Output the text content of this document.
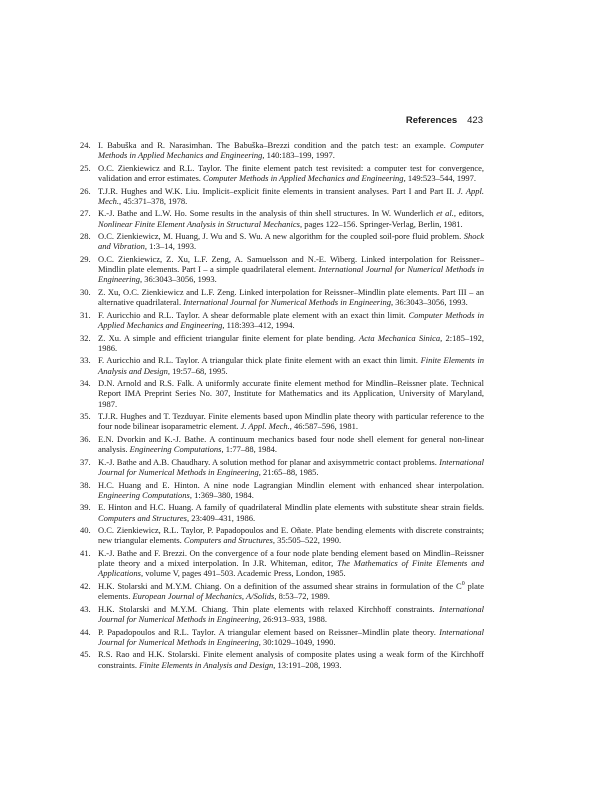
References 423
24. I. Babuška and R. Narasimhan. The Babuška–Brezzi condition and the patch test: an example. Computer Methods in Applied Mechanics and Engineering, 140:183–199, 1997.
25. O.C. Zienkiewicz and R.L. Taylor. The finite element patch test revisited: a computer test for convergence, validation and error estimates. Computer Methods in Applied Mechanics and Engineering, 149:523–544, 1997.
26. T.J.R. Hughes and W.K. Liu. Implicit–explicit finite elements in transient analyses. Part I and Part II. J. Appl. Mech., 45:371–378, 1978.
27. K.-J. Bathe and L.W. Ho. Some results in the analysis of thin shell structures. In W. Wunderlich et al., editors, Nonlinear Finite Element Analysis in Structural Mechanics, pages 122–156. Springer-Verlag, Berlin, 1981.
28. O.C. Zienkiewicz, M. Huang, J. Wu and S. Wu. A new algorithm for the coupled soil-pore fluid problem. Shock and Vibration, 1:3–14, 1993.
29. O.C. Zienkiewicz, Z. Xu, L.F. Zeng, A. Samuelsson and N.-E. Wiberg. Linked interpolation for Reissner–Mindlin plate elements. Part I – a simple quadrilateral element. International Journal for Numerical Methods in Engineering, 36:3043–3056, 1993.
30. Z. Xu, O.C. Zienkiewicz and L.F. Zeng. Linked interpolation for Reissner–Mindlin plate elements. Part III – an alternative quadrilateral. International Journal for Numerical Methods in Engineering, 36:3043–3056, 1993.
31. F. Auricchio and R.L. Taylor. A shear deformable plate element with an exact thin limit. Computer Methods in Applied Mechanics and Engineering, 118:393–412, 1994.
32. Z. Xu. A simple and efficient triangular finite element for plate bending. Acta Mechanica Sinica, 2:185–192, 1986.
33. F. Auricchio and R.L. Taylor. A triangular thick plate finite element with an exact thin limit. Finite Elements in Analysis and Design, 19:57–68, 1995.
34. D.N. Arnold and R.S. Falk. A uniformly accurate finite element method for Mindlin–Reissner plate. Technical Report IMA Preprint Series No. 307, Institute for Mathematics and its Application, University of Maryland, 1987.
35. T.J.R. Hughes and T. Tezduyar. Finite elements based upon Mindlin plate theory with particular reference to the four node bilinear isoparametric element. J. Appl. Mech., 46:587–596, 1981.
36. E.N. Dvorkin and K.-J. Bathe. A continuum mechanics based four node shell element for general non-linear analysis. Engineering Computations, 1:77–88, 1984.
37. K.-J. Bathe and A.B. Chaudhary. A solution method for planar and axisymmetric contact problems. International Journal for Numerical Methods in Engineering, 21:65–88, 1985.
38. H.C. Huang and E. Hinton. A nine node Lagrangian Mindlin element with enhanced shear interpolation. Engineering Computations, 1:369–380, 1984.
39. E. Hinton and H.C. Huang. A family of quadrilateral Mindlin plate elements with substitute shear strain fields. Computers and Structures, 23:409–431, 1986.
40. O.C. Zienkiewicz, R.L. Taylor, P. Papadopoulos and E. Oñate. Plate bending elements with discrete constraints; new triangular elements. Computers and Structures, 35:505–522, 1990.
41. K.-J. Bathe and F. Brezzi. On the convergence of a four node plate bending element based on Mindlin–Reissner plate theory and a mixed interpolation. In J.R. Whiteman, editor, The Mathematics of Finite Elements and Applications, volume V, pages 491–503. Academic Press, London, 1985.
42. H.K. Stolarski and M.Y.M. Chiang. On a definition of the assumed shear strains in formulation of the $C^0$ plate elements. European Journal of Mechanics, A/Solids, 8:53–72, 1989.
43. H.K. Stolarski and M.Y.M. Chiang. Thin plate elements with relaxed Kirchhoff constraints. International Journal for Numerical Methods in Engineering, 26:913–933, 1988.
44. P. Papadopoulos and R.L. Taylor. A triangular element based on Reissner–Mindlin plate theory. International Journal for Numerical Methods in Engineering, 30:1029–1049, 1990.
45. R.S. Rao and H.K. Stolarski. Finite element analysis of composite plates using a weak form of the Kirchhoff constraints. Finite Elements in Analysis and Design, 13:191–208, 1993.
